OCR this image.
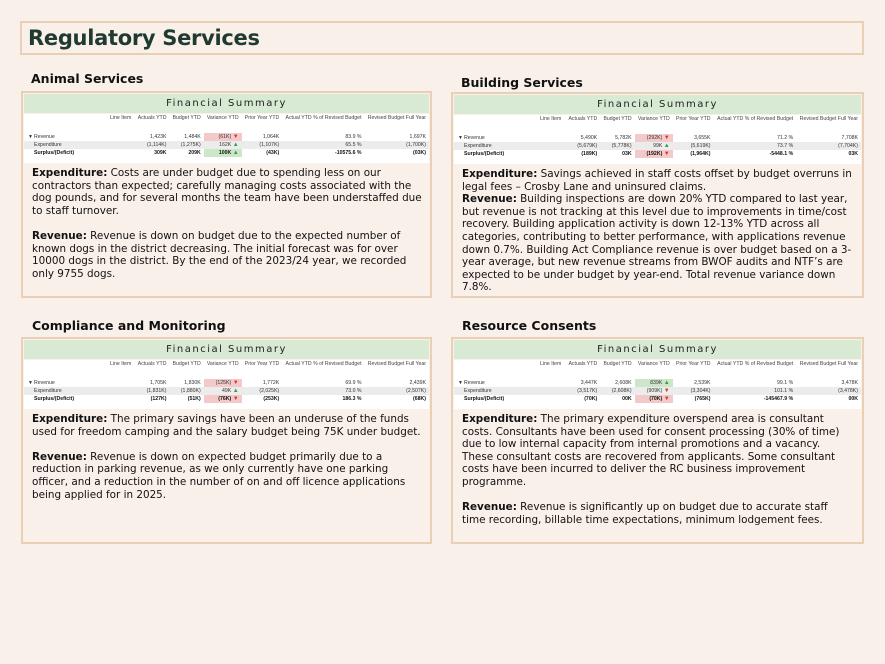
Regulatory Services
Animal Services	Building Services
Compliance and Monitoring	Resource Consents
Financial Summary
▼
Line Item	Actuals YTD	Budget YTD	Variance YTD	Prior Year YTD	Actual YTD % of Revised Budget	Revised Budget Full Year
Revenue	1,423K	1,484K	(61K) ▼	1,064K	83.9 %	1,697K
Expenditure	(1,114K)	(1,275K)	162K ▲	(1,107K)	65.5 %	(1,700K)
Surplus/(Deficit)	309K	209K	100K ▲	(43K)	-10575.6 %	(03K)

Expenditure: Costs are under budget due to spending less on our contractors than expected; carefully managing costs associated with the dog pounds, and for several months the team have been understaffed due to staff turnover.

Revenue: Revenue is down on budget due to the expected number of known dogs in the district decreasing. The initial forecast was for over 10000 dogs in the district. By the end of the 2023/24 year, we recorded only 9755 dogs.

Financial Summary
▼
Line Item	Actuals YTD	Budget YTD	Variance YTD	Prior Year YTD	Actual YTD % of Revised Budget	Revised Budget Full Year
Revenue	5,490K	5,782K	(292K) ▼	3,655K	71.2 %	7,708K
Expenditure	(5,679K)	(5,778K)	99K ▲	(5,619K)	73.7 %	(7,704K)
Surplus/(Deficit)	(189K)	03K	(192K) ▼	(1,964K)	-5448.1 %	03K

Expenditure: Savings achieved in staff costs offset by budget overruns in legal fees – Crosby Lane and uninsured claims.

Revenue: Building inspections are down 20% YTD compared to last year, but revenue is not tracking at this level due to improvements in time/cost recovery. Building application activity is down 12-13% YTD across all categories, contributing to better performance, with applications revenue down 0.7%. Building Act Compliance revenue is over budget based on a 3-year average, but new revenue streams from BWOF audits and NTF’s are expected to be under budget by year-end. Total revenue variance down 7.8%.

Financial Summary
▼
Line Item	Actuals YTD	Budget YTD	Variance YTD	Prior Year YTD	Actual YTD % of Revised Budget	Revised Budget Full Year
Revenue	1,705K	1,830K	(125K) ▼	1,772K	69.9 %	2,439K
Expenditure	(1,831K)	(1,880K)	49K ▲	(2,025K)	73.0 %	(2,507K)
Surplus/(Deficit)	(127K)	(51K)	(76K) ▼	(253K)	186.3 %	(68K)

Expenditure: The primary savings have been an underuse of the funds used for freedom camping and the salary budget being 75K under budget.

Revenue: Revenue is down on expected budget primarily due to a reduction in parking revenue, as we only currently have one parking officer, and a reduction in the number of on and off licence applications being applied for in 2025.

Financial Summary
▼
Line Item	Actuals YTD	Budget YTD	Variance YTD	Prior Year YTD	Actual YTD % of Revised Budget	Revised Budget Full Year
Revenue	3,447K	2,608K	839K ▲	2,539K	99.1 %	3,478K
Expenditure	(3,517K)	(2,608K)	(909K) ▼	(3,304K)	101.1 %	(3,478K)
Surplus/(Deficit)	(70K)	00K	(70K) ▼	(765K)	-145467.9 %	00K

Expenditure: The primary expenditure overspend area is consultant costs. Consultants have been used for consent processing (30% of time) due to low internal capacity from internal promotions and a vacancy. These consultant costs are recovered from applicants. Some consultant costs have been incurred to deliver the RC business improvement programme.

Revenue: Revenue is significantly up on budget due to accurate staff time recording, billable time expectations, minimum lodgement fees.
